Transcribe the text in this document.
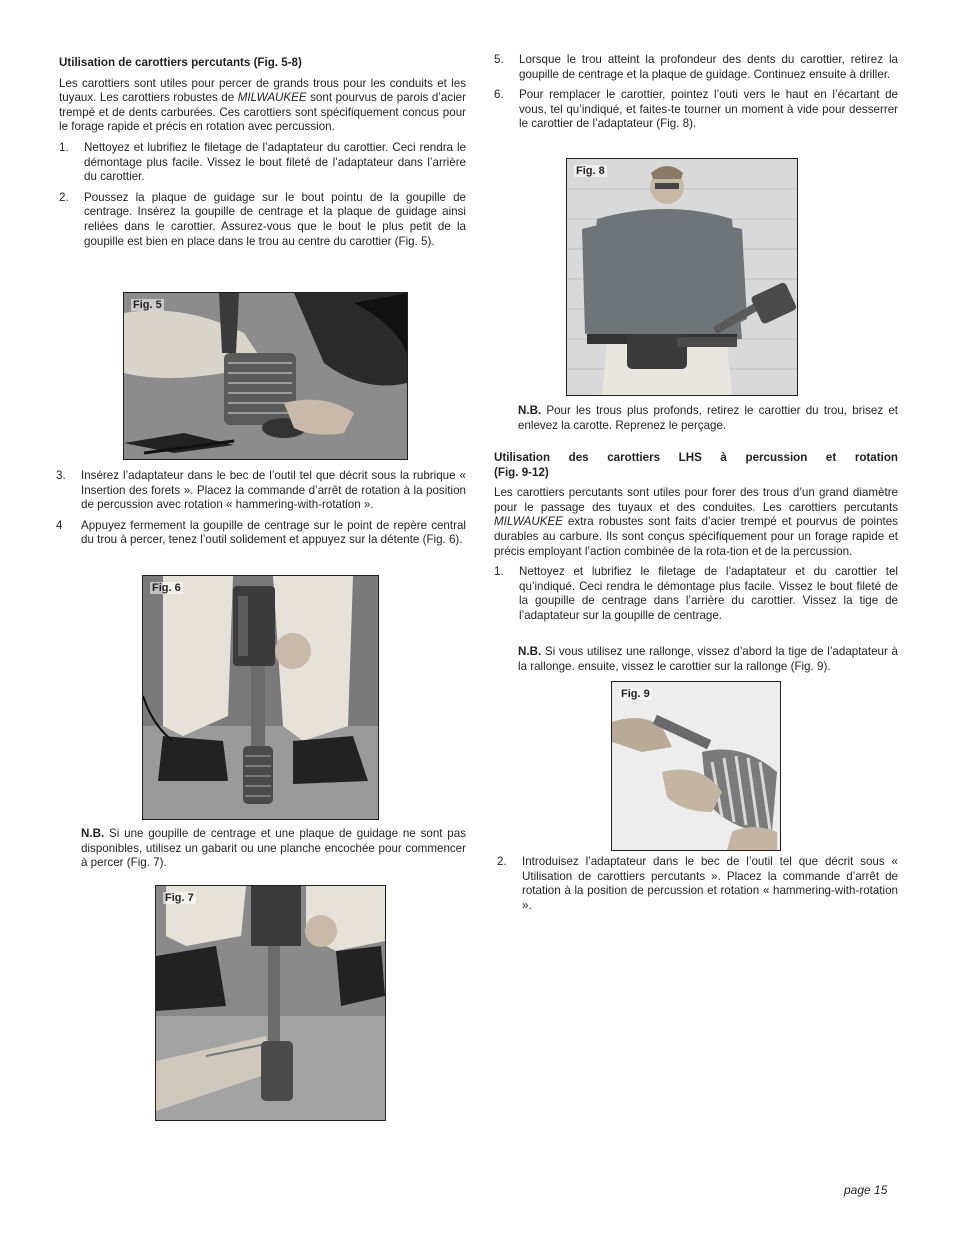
Utilisation de carottiers percutants (Fig. 5-8)

Les carottiers sont utiles pour percer de grands trous pour les conduits et les tuyaux. Les carottiers robustes de MILWAUKEE sont pourvus de parois d’acier trempé et de dents carburées. Ces carottiers sont spécifiquement concus pour le forage rapide et précis en rotation avec percussion.

1.	Nettoyez et lubrifiez le filetage de l’adaptateur du carottier. Ceci rendra le démontage plus facile. Vissez le bout fileté de l’adaptateur dans l’arrière du carottier.
2.	Poussez la plaque de guidage sur le bout pointu de la goupille de centrage. Insérez la goupille de centrage et la plaque de guidage ainsi reliées dans le carottier. Assurez-vous que le bout le plus petit de la goupille est bien en place dans le trou au centre du carottier (Fig. 5).
Fig. 5
3.	Insérez l’adaptateur dans le bec de l’outil tel que décrit sous la rubrique « Insertion des forets ». Placez la commande d’arrêt de rotation à la position de percussion avec rotation « hammering-with-rotation ».
4	Appuyez fermement la goupille de centrage sur le point de repère central du trou à percer, tenez l’outil solidement et appuyez sur la détente (Fig. 6).
Fig. 6

N.B. Si une goupille de centrage et une plaque de guidage ne sont pas disponibles, utilisez un gabarit ou une planche encochée pour commencer à percer (Fig. 7).

Fig. 7
5.	Lorsque le trou atteint la profondeur des dents du carottier, retirez la goupille de centrage et la plaque de guidage. Continuez ensuite à driller.
6.	Pour remplacer le carottier, pointez l’outi vers le haut en l’écartant de vous, tel qu’indiqué, et faites-te tourner un moment à vide pour desserrer le carottier de l’adaptateur (Fig. 8).
Fig. 8

N.B. Pour les trous plus profonds, retirez le carottier du trou, brisez et enlevez la carotte. Reprenez le perçage.

Utilisation des carottiers LHS à percussion et rotation
(Fig. 9-12)

Les carottiers percutants sont utiles pour forer des trous d’un grand diamètre pour le passage des tuyaux et des conduites. Les carottiers percutants MILWAUKEE extra robustes sont faits d’acier trempé et pourvus de pointes durables au carbure. Ils sont conçus spécifiquement pour un forage rapide et précis employant l’action combinée de la rota-tion et de la percussion.

1.	Nettoyez et lubrifiez le filetage de l’adaptateur et du carottier tel qu’indiqué. Ceci rendra le démontage plus facile. Vissez le bout fileté de la goupille de centrage dans l’arrière du carottier. Vissez la tige de l’adaptateur sur la goupille de centrage.

N.B. Si vous utilisez une rallonge, vissez d’abord la tige de l’adaptateur à la rallonge. ensuite, vissez le carottier sur la rallonge (Fig. 9).

Fig. 9
2.	Introduisez l’adaptateur dans le bec de l’outil tel que décrit sous « Utilisation de carottiers percutants ». Placez la commande d’arrêt de rotation à la position de percussion et rotation « hammering-with-rotation ».
page 15
